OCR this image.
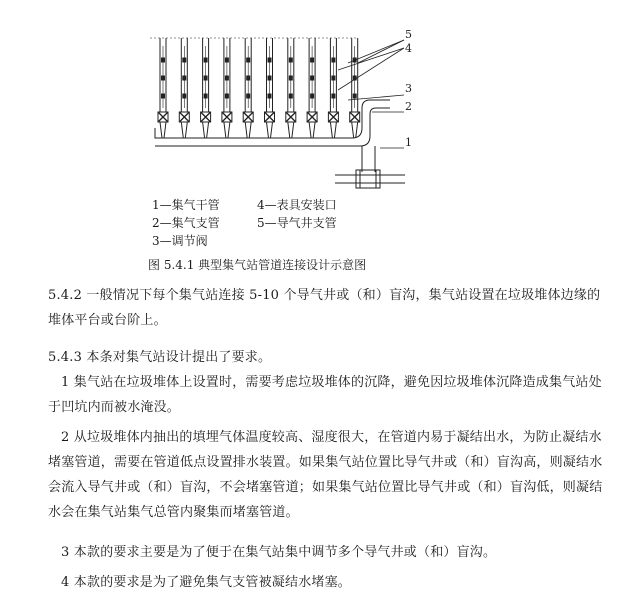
5
4
3
2
1
1—集气干管
2—集气支管
3—调节阀
4—表具安装口
5—导气井支管
图 5.4.1 典型集气站管道连接设计示意图
5.4.2 一般情况下每个集气站连接 5-10 个导气井或（和）盲沟，集气站设置在垃圾堆体边缘的堆体平台或台阶上。
5.4.3 本条对集气站设计提出了要求。
1 集气站在垃圾堆体上设置时，需要考虑垃圾堆体的沉降，避免因垃圾堆体沉降造成集气站处于凹坑内而被水淹没。
2 从垃圾堆体内抽出的填埋气体温度较高、湿度很大，在管道内易于凝结出水，为防止凝结水堵塞管道，需要在管道低点设置排水装置。如果集气站位置比导气井或（和）盲沟高，则凝结水会流入导气井或（和）盲沟，不会堵塞管道；如果集气站位置比导气井或（和）盲沟低，则凝结水会在集气站集气总管内聚集而堵塞管道。
3 本款的要求主要是为了便于在集气站集中调节多个导气井或（和）盲沟。
4 本款的要求是为了避免集气支管被凝结水堵塞。
